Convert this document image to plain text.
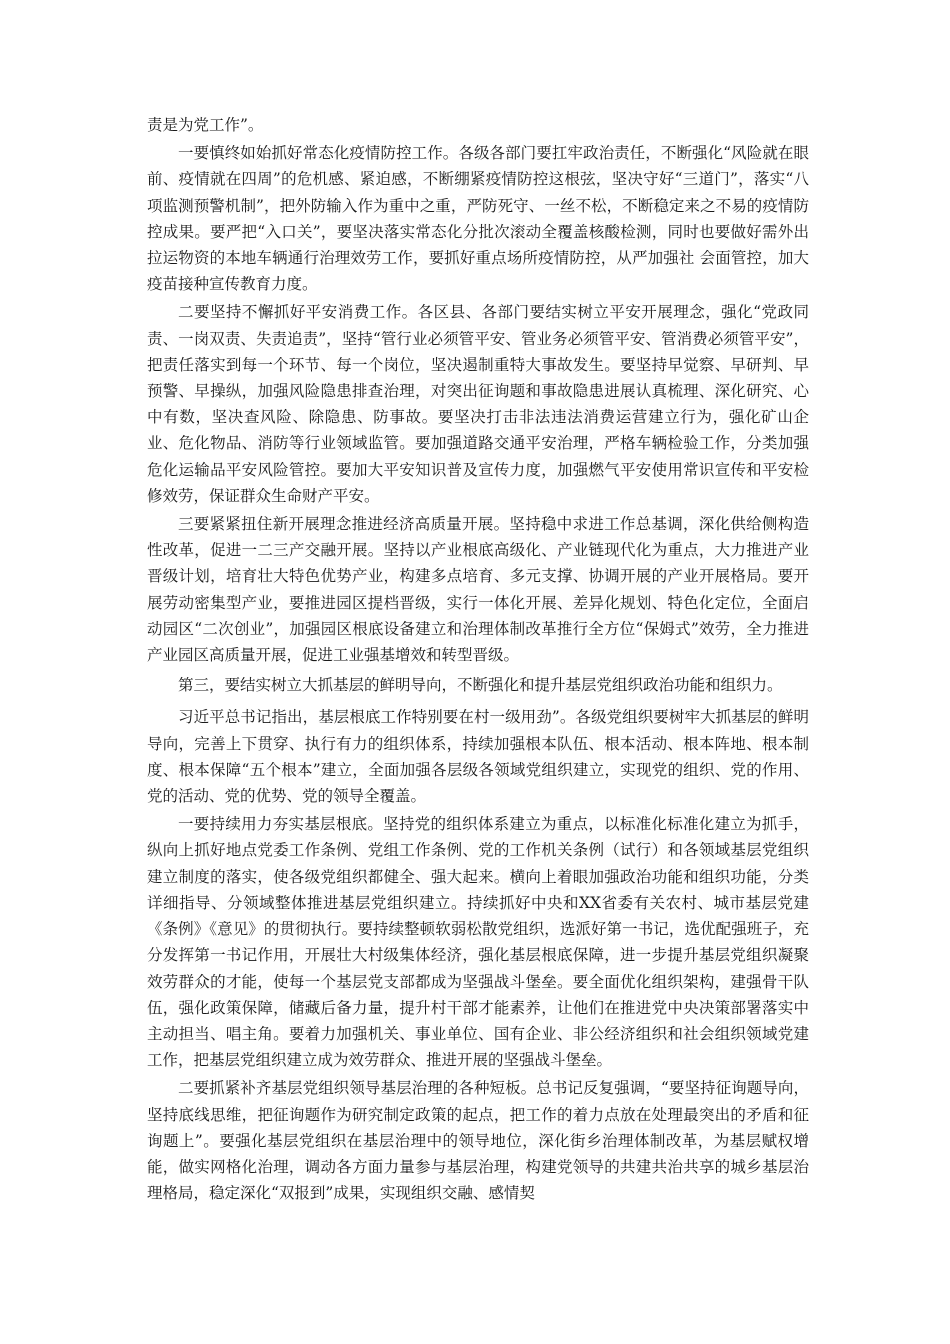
责是为党工作”。

一要慎终如始抓好常态化疫情防控工作。各级各部门要扛牢政治责任，不断强化“风险就在眼前、疫情就在四周”的危机感、紧迫感，不断绷紧疫情防控这根弦，坚决守好“三道门”，落实“八项监测预警机制”，把外防输入作为重中之重，严防死守、一丝不松，不断稳定来之不易的疫情防控成果。要严把“入口关”，要坚决落实常态化分批次滚动全覆盖核酸检测，同时也要做好需外出拉运物资的本地车辆通行治理效劳工作，要抓好重点场所疫情防控，从严加强社 会面管控，加大疫苗接种宣传教育力度。

二要坚持不懈抓好平安消费工作。各区县、各部门要结实树立平安开展理念，强化“党政同责、一岗双责、失责追责”，坚持“管行业必须管平安、管业务必须管平安、管消费必须管平安”，把责任落实到每一个环节、每一个岗位，坚决遏制重特大事故发生。要坚持早觉察、早研判、早预警、早操纵，加强风险隐患排查治理，对突出征询题和事故隐患进展认真梳理、深化研究、心中有数，坚决查风险、除隐患、防事故。要坚决打击非法违法消费运营建立行为，强化矿山企业、危化物品、消防等行业领域监管。要加强道路交通平安治理，严格车辆检验工作，分类加强危化运输品平安风险管控。要加大平安知识普及宣传力度，加强燃气平安使用常识宣传和平安检修效劳，保证群众生命财产平安。

三要紧紧扭住新开展理念推进经济高质量开展。坚持稳中求进工作总基调，深化供给侧构造性改革，促进一二三产交融开展。坚持以产业根底高级化、产业链现代化为重点，大力推进产业晋级计划，培育壮大特色优势产业，构建多点培育、多元支撑、协调开展的产业开展格局。要开展劳动密集型产业，要推进园区提档晋级，实行一体化开展、差异化规划、特色化定位，全面启动园区“二次创业”，加强园区根底设备建立和治理体制改革推行全方位“保姆式”效劳，全力推进产业园区高质量开展，促进工业强基增效和转型晋级。

第三，要结实树立大抓基层的鲜明导向，不断强化和提升基层党组织政治功能和组织力。

习近平总书记指出，基层根底工作特别要在村一级用劲”。各级党组织要树牢大抓基层的鲜明导向，完善上下贯穿、执行有力的组织体系，持续加强根本队伍、根本活动、根本阵地、根本制度、根本保障“五个根本”建立，全面加强各层级各领域党组织建立，实现党的组织、党的作用、党的活动、党的优势、党的领导全覆盖。

一要持续用力夯实基层根底。坚持党的组织体系建立为重点，以标准化标准化建立为抓手，纵向上抓好地点党委工作条例、党组工作条例、党的工作机关条例（试行）和各领域基层党组织建立制度的落实，使各级党组织都健全、强大起来。横向上着眼加强政治功能和组织功能，分类详细指导、分领域整体推进基层党组织建立。持续抓好中央和XX省委有关农村、城市基层党建《条例》《意见》的贯彻执行。要持续整顿软弱松散党组织，选派好第一书记，选优配强班子，充分发挥第一书记作用，开展壮大村级集体经济，强化基层根底保障，进一步提升基层党组织凝聚效劳群众的才能，使每一个基层党支部都成为坚强战斗堡垒。要全面优化组织架构，建强骨干队伍，强化政策保障，储藏后备力量，提升村干部才能素养，让他们在推进党中央决策部署落实中主动担当、唱主角。要着力加强机关、事业单位、国有企业、非公经济组织和社会组织领域党建工作，把基层党组织建立成为效劳群众、推进开展的坚强战斗堡垒。

二要抓紧补齐基层党组织领导基层治理的各种短板。总书记反复强调，“要坚持征询题导向，坚持底线思维，把征询题作为研究制定政策的起点，把工作的着力点放在处理最突出的矛盾和征询题上”。要强化基层党组织在基层治理中的领导地位，深化街乡治理体制改革，为基层赋权增能，做实网格化治理，调动各方面力量参与基层治理，构建党领导的共建共治共享的城乡基层治理格局，稳定深化“双报到”成果，实现组织交融、感情契
